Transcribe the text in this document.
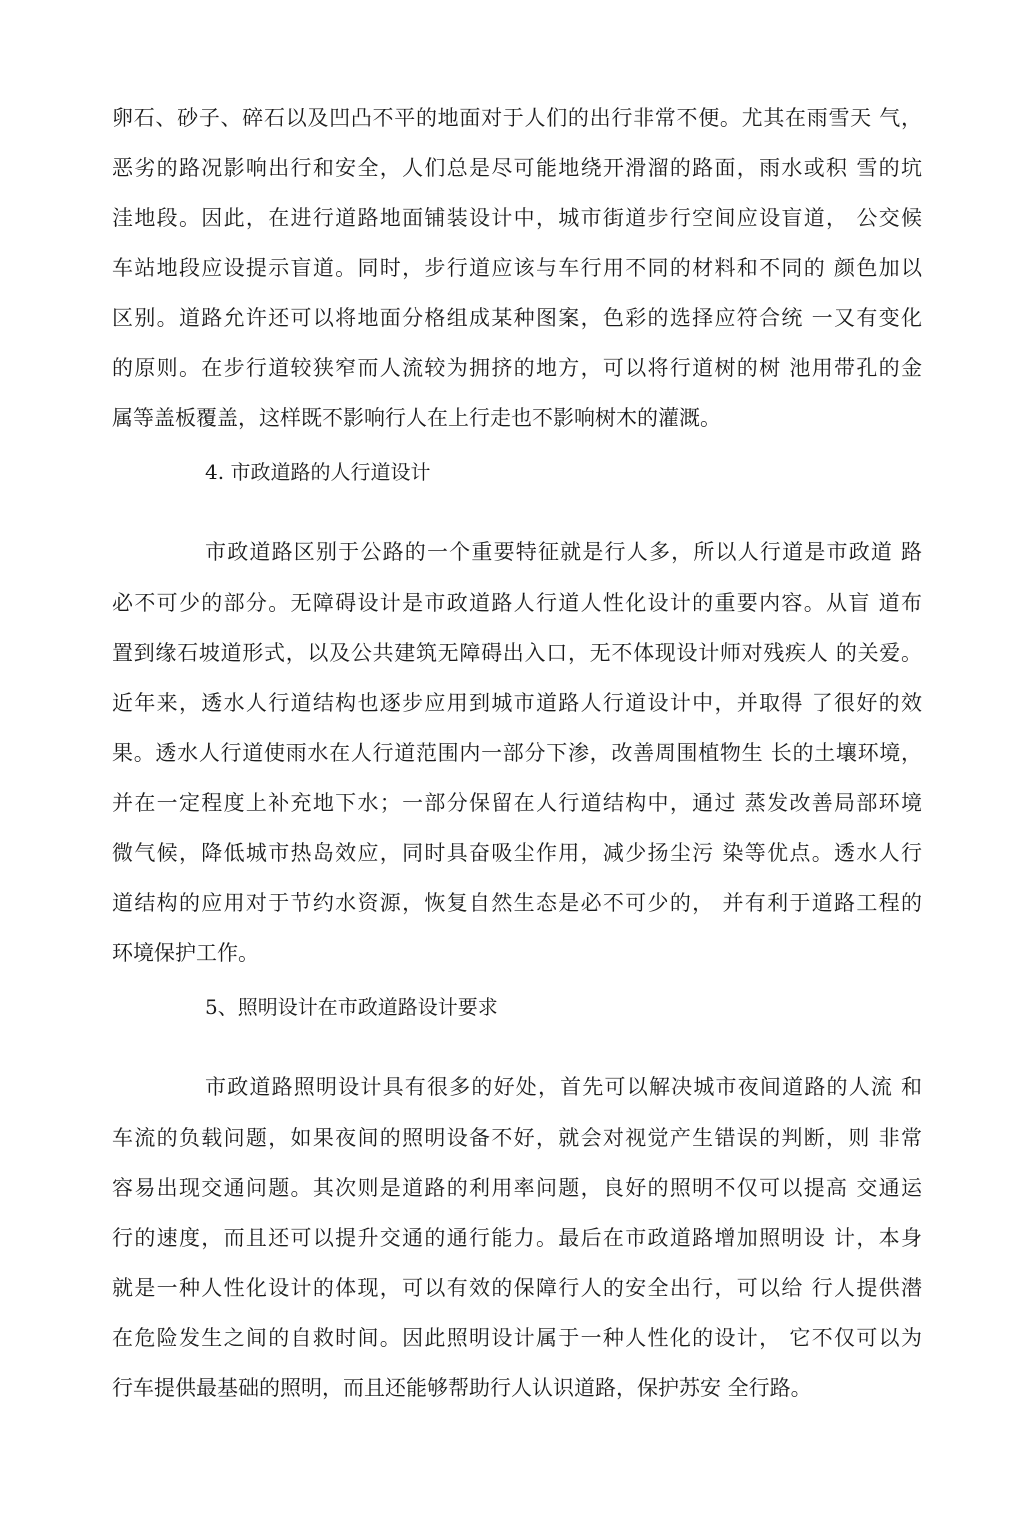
卵石、砂子、碎石以及凹凸不平的地面对于人们的出行非常不便。尤其在雨雪天 气，
恶劣的路况影响出行和安全，人们总是尽可能地绕开滑溜的路面，雨水或积 雪的坑
洼地段。因此，在进行道路地面铺装设计中，城市街道步行空间应设盲道， 公交候
车站地段应设提示盲道。同时，步行道应该与车行用不同的材料和不同的 颜色加以
区别。道路允许还可以将地面分格组成某种图案，色彩的选择应符合统 一又有变化
的原则。在步行道较狭窄而人流较为拥挤的地方，可以将行道树的树 池用带孔的金
属等盖板覆盖，这样既不影响行人在上行走也不影响树木的灌溉。
4. 市政道路的人行道设计
市政道路区别于公路的一个重要特征就是行人多，所以人行道是市政道 路
必不可少的部分。无障碍设计是市政道路人行道人性化设计的重要内容。从盲 道布
置到缘石坡道形式，以及公共建筑无障碍出入口，无不体现设计师对残疾人 的关爱。
近年来，透水人行道结构也逐步应用到城市道路人行道设计中，并取得 了很好的效
果。透水人行道使雨水在人行道范围内一部分下渗，改善周围植物生 长的土壤环境，
并在一定程度上补充地下水；一部分保留在人行道结构中，通过 蒸发改善局部环境
微气候，降低城市热岛效应，同时具奋吸尘作用，减少扬尘污 染等优点。透水人行
道结构的应用对于节约水资源，恢复自然生态是必不可少的， 并有利于道路工程的
环境保护工作。
5、照明设计在市政道路设计要求
市政道路照明设计具有很多的好处，首先可以解决城市夜间道路的人流 和
车流的负载问题，如果夜间的照明设备不好，就会对视觉产生错误的判断，则 非常
容易出现交通问题。其次则是道路的利用率问题，良好的照明不仅可以提高 交通运
行的速度，而且还可以提升交通的通行能力。最后在市政道路增加照明设 计，本身
就是一种人性化设计的体现，可以有效的保障行人的安全出行，可以给 行人提供潜
在危险发生之间的自救时间。因此照明设计属于一种人性化的设计， 它不仅可以为
行车提供最基础的照明，而且还能够帮助行人认识道路，保护苏安 全行路。
